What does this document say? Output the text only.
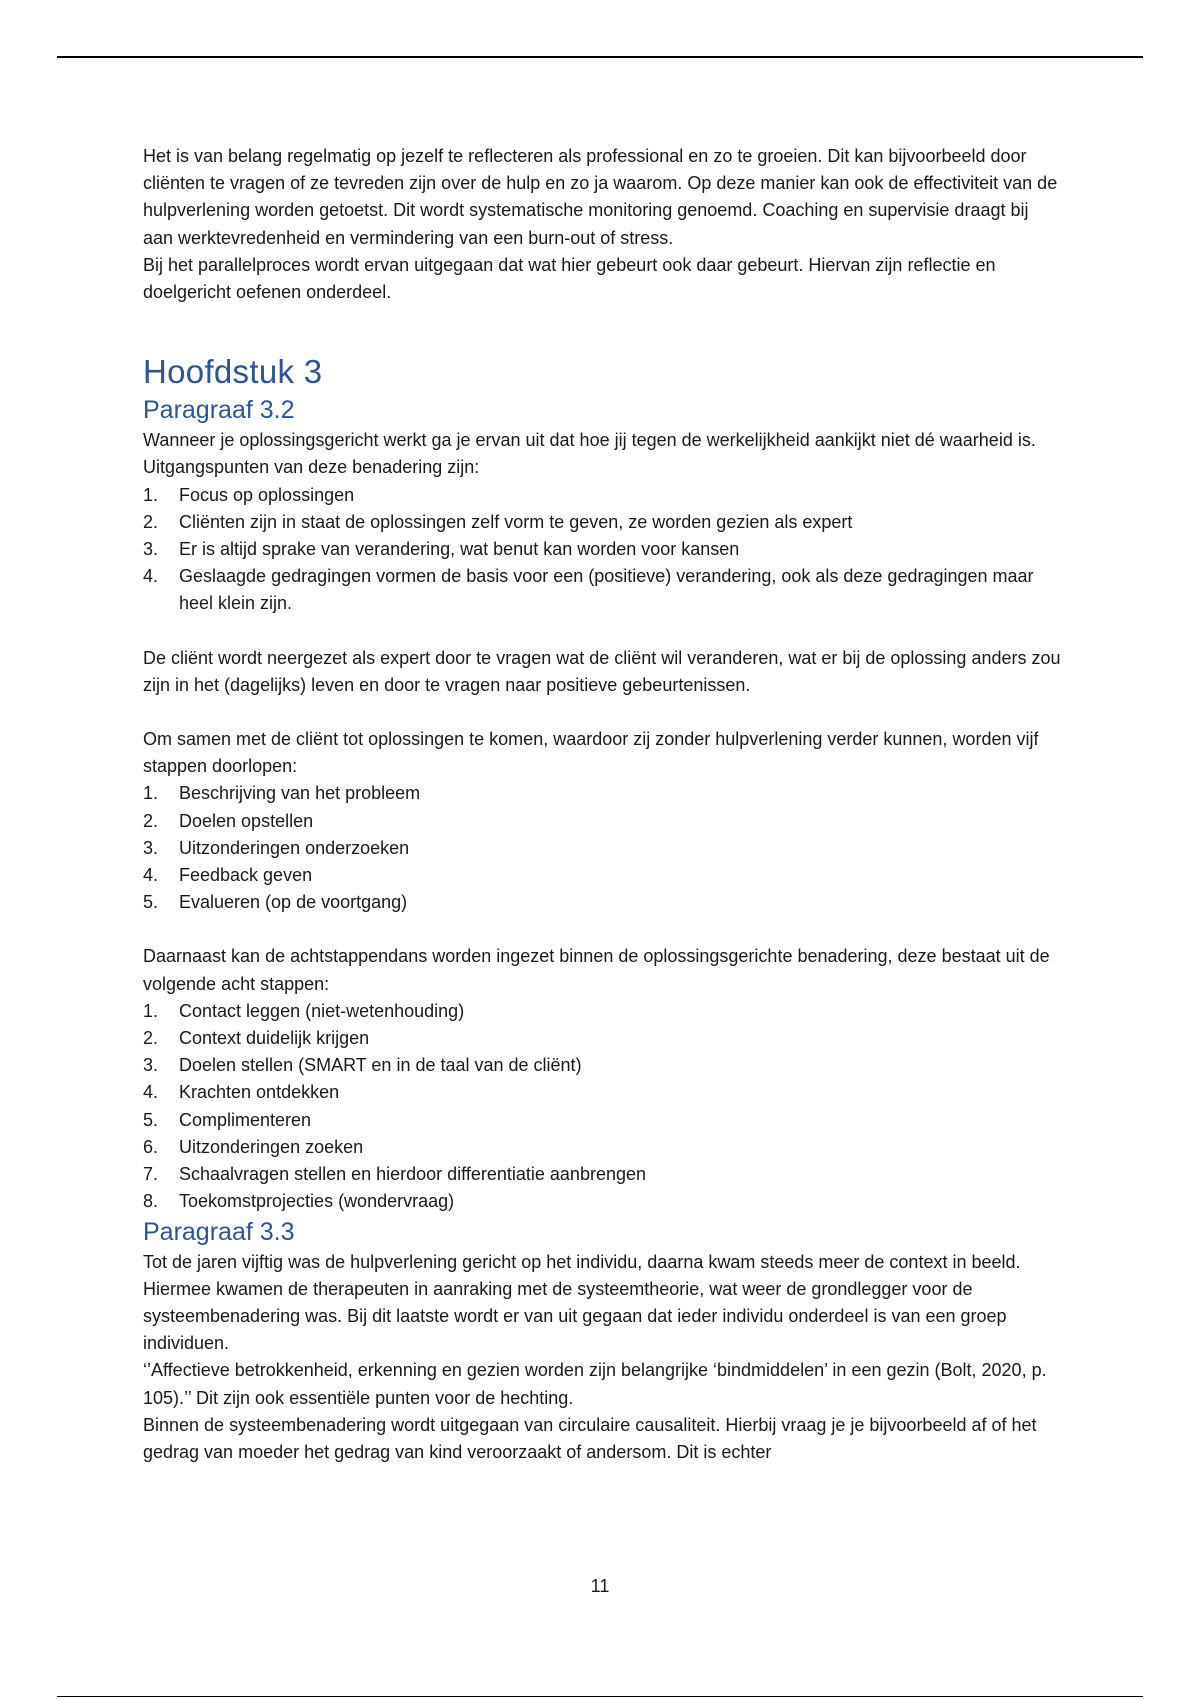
Het is van belang regelmatig op jezelf te reflecteren als professional en zo te groeien. Dit kan bijvoorbeeld door cliënten te vragen of ze tevreden zijn over de hulp en zo ja waarom. Op deze manier kan ook de effectiviteit van de hulpverlening worden getoetst. Dit wordt systematische monitoring genoemd. Coaching en supervisie draagt bij aan werktevredenheid en vermindering van een burn-out of stress.

Bij het parallelproces wordt ervan uitgegaan dat wat hier gebeurt ook daar gebeurt. Hiervan zijn reflectie en doelgericht oefenen onderdeel.

Hoofdstuk 3
Paragraaf 3.2

Wanneer je oplossingsgericht werkt ga je ervan uit dat hoe jij tegen de werkelijkheid aankijkt niet dé waarheid is.

Uitgangspunten van deze benadering zijn:

1. Focus op oplossingen
2. Cliënten zijn in staat de oplossingen zelf vorm te geven, ze worden gezien als expert
3. Er is altijd sprake van verandering, wat benut kan worden voor kansen
4. Geslaagde gedragingen vormen de basis voor een (positieve) verandering, ook als deze gedragingen maar heel klein zijn.

De cliënt wordt neergezet als expert door te vragen wat de cliënt wil veranderen, wat er bij de oplossing anders zou zijn in het (dagelijks) leven en door te vragen naar positieve gebeurtenissen.

Om samen met de cliënt tot oplossingen te komen, waardoor zij zonder hulpverlening verder kunnen, worden vijf stappen doorlopen:

1. Beschrijving van het probleem
2. Doelen opstellen
3. Uitzonderingen onderzoeken
4. Feedback geven
5. Evalueren (op de voortgang)

Daarnaast kan de achtstappendans worden ingezet binnen de oplossingsgerichte benadering, deze bestaat uit de volgende acht stappen:

1. Contact leggen (niet-wetenhouding)
2. Context duidelijk krijgen
3. Doelen stellen (SMART en in de taal van de cliënt)
4. Krachten ontdekken
5. Complimenteren
6. Uitzonderingen zoeken
7. Schaalvragen stellen en hierdoor differentiatie aanbrengen
8. Toekomstprojecties (wondervraag)
Paragraaf 3.3

Tot de jaren vijftig was de hulpverlening gericht op het individu, daarna kwam steeds meer de context in beeld. Hiermee kwamen de therapeuten in aanraking met de systeemtheorie, wat weer de grondlegger voor de systeembenadering was. Bij dit laatste wordt er van uit gegaan dat ieder individu onderdeel is van een groep individuen.

‘’Affectieve betrokkenheid, erkenning en gezien worden zijn belangrijke ‘bindmiddelen’ in een gezin (Bolt, 2020, p. 105).’’ Dit zijn ook essentiële punten voor de hechting.

Binnen de systeembenadering wordt uitgegaan van circulaire causaliteit. Hierbij vraag je je bijvoorbeeld af of het gedrag van moeder het gedrag van kind veroorzaakt of andersom. Dit is echter

11
